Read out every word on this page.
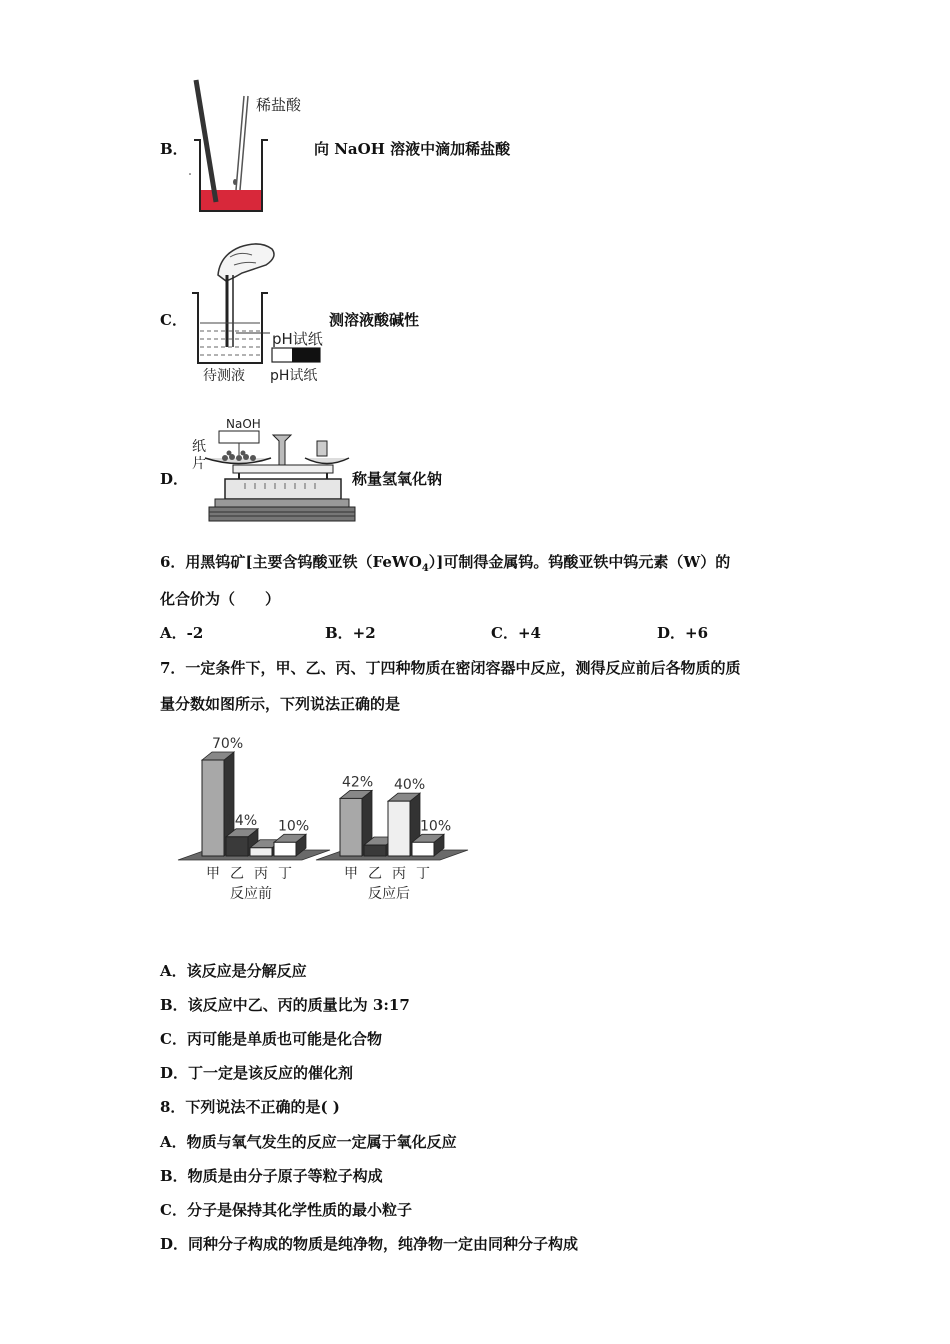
B．
稀盐酸
向 NaOH 溶液中滴加稀盐酸
C．
pH试纸
待测液 pH试纸
测溶液酸碱性
D．
NaOH
纸
片
称量氢氧化钠
6．用黑钨矿[主要含钨酸亚铁（FeWO$_4$）]可制得金属钨。钨酸亚铁中钨元素（W）的
化合价为（　　）
A．-2	B．+2	C．+4	D．+6
7．一定条件下，甲、乙、丙、丁四种物质在密闭容器中反应，测得反应前后各物质的质
量分数如图所示，下列说法正确的是
70%
14% 10%
甲 乙 丙 丁
反应前
42% 40%
10%
甲 乙 丙 丁
反应后
A．该反应是分解反应
B．该反应中乙、丙的质量比为 3:17
C．丙可能是单质也可能是化合物
D．丁一定是该反应的催化剂
8．下列说法不正确的是( )
A．物质与氧气发生的反应一定属于氧化反应
B．物质是由分子原子等粒子构成
C．分子是保持其化学性质的最小粒子
D．同种分子构成的物质是纯净物，纯净物一定由同种分子构成
